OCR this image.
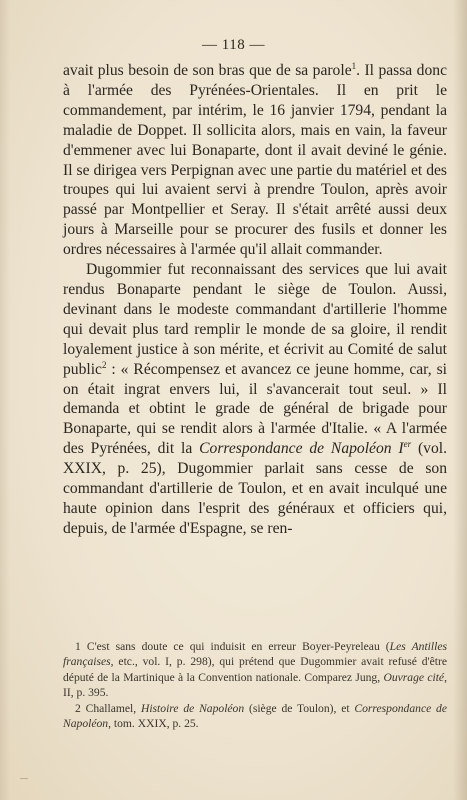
— 118 —

avait plus besoin de son bras que de sa parole$^1$. Il passa donc à l'armée des Pyrénées-Orientales. Il en prit le commandement, par intérim, le 16 janvier 1794, pendant la maladie de Doppet. Il sollicita alors, mais en vain, la faveur d'emmener avec lui Bonaparte, dont il avait deviné le génie. Il se dirigea vers Perpignan avec une partie du matériel et des troupes qui lui avaient servi à prendre Toulon, après avoir passé par Montpellier et Seray. Il s'était arrêté aussi deux jours à Marseille pour se procurer des fusils et donner les ordres nécessaires à l'armée qu'il allait commander.

Dugommier fut reconnaissant des services que lui avait rendus Bonaparte pendant le siège de Toulon. Aussi, devinant dans le modeste commandant d'artillerie l'homme qui devait plus tard remplir le monde de sa gloire, il rendit loyalement justice à son mérite, et écrivit au Comité de salut public$^2$ : « Récompensez et avancez ce jeune homme, car, si on était ingrat envers lui, il s'avancerait tout seul. » Il demanda et obtint le grade de général de brigade pour Bonaparte, qui se rendit alors à l'armée d'Italie. « A l'armée des Pyrénées, dit la Correspondance de Napoléon Ier (vol. XXIX, p. 25), Dugommier parlait sans cesse de son commandant d'artillerie de Toulon, et en avait inculqué une haute opinion dans l'esprit des généraux et officiers qui, depuis, de l'armée d'Espagne, se ren-

1 C'est sans doute ce qui induisit en erreur Boyer-Peyreleau (Les Antilles françaises, etc., vol. I, p. 298), qui prétend que Dugommier avait refusé d'être député de la Martinique à la Convention nationale. Comparez Jung, Ouvrage cité, II, p. 395.

2 Challamel, Histoire de Napoléon (siège de Toulon), et Correspondance de Napoléon, tom. XXIX, p. 25.
